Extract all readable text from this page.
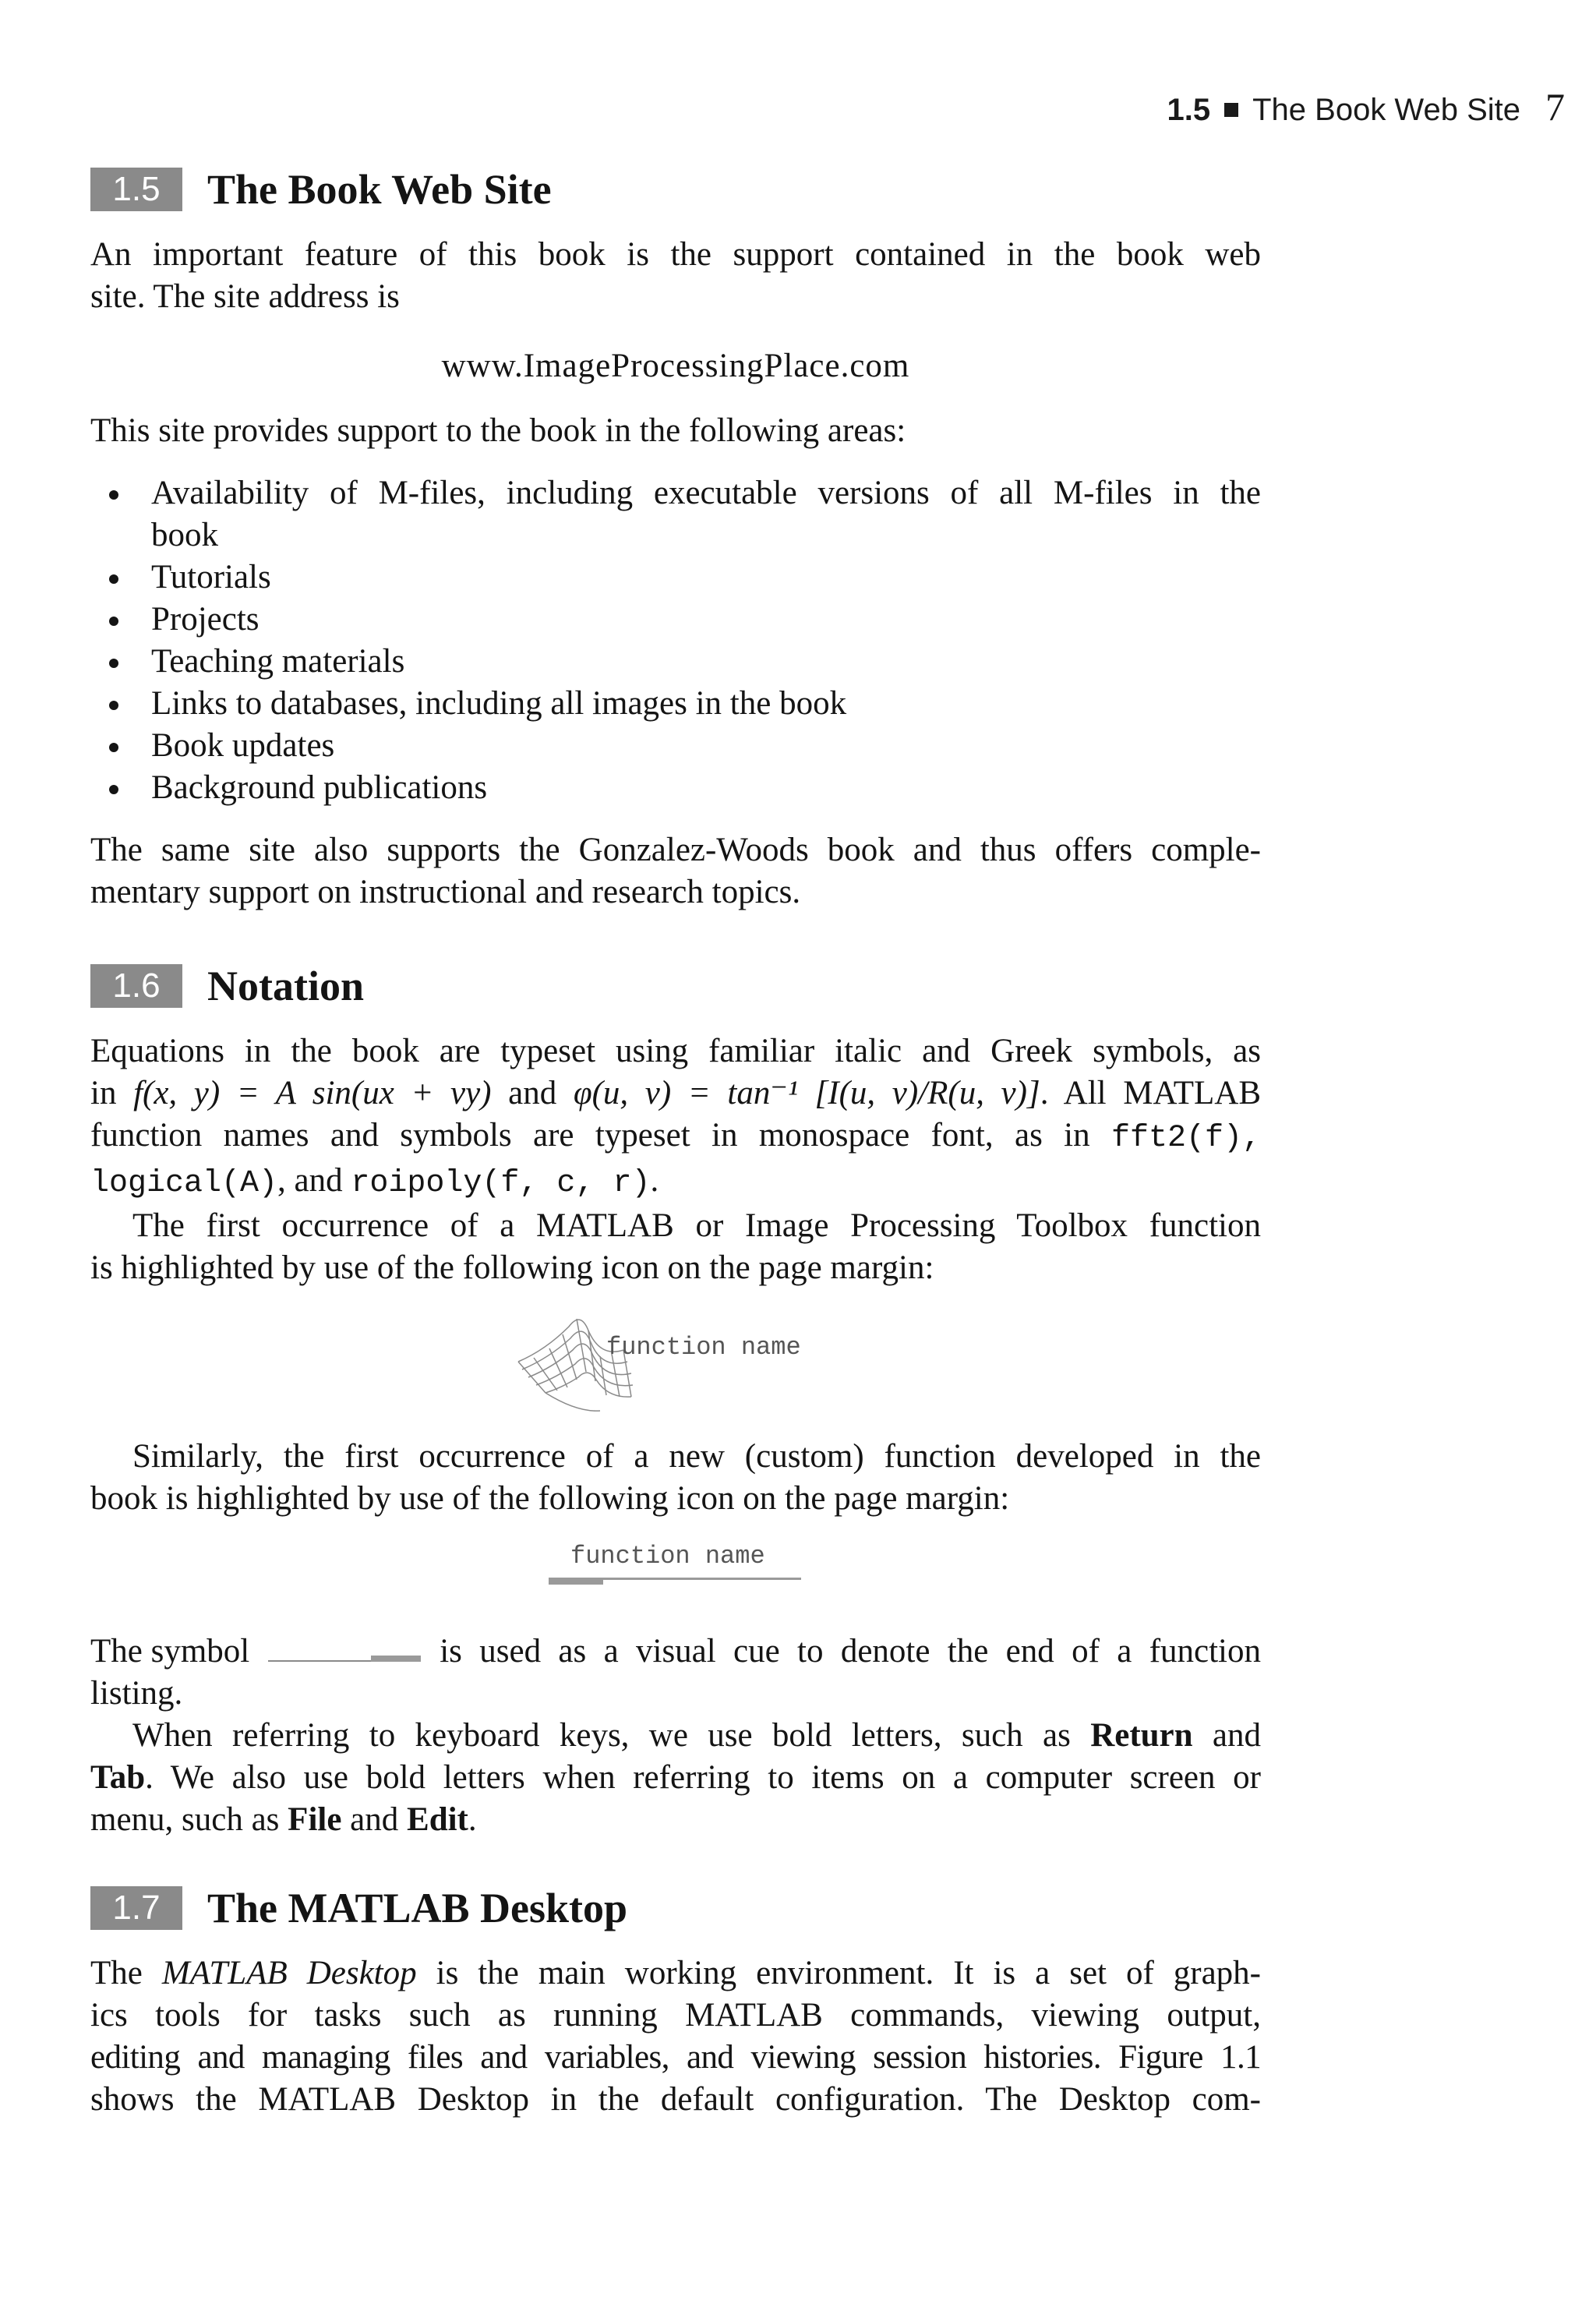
1.5 The Book Web Site 7
1.5	The Book Web Site

An important feature of this book is the support contained in the book web

site. The site address is

www.ImageProcessingPlace.com

This site provides support to the book in the following areas:

Availability of M-files, including executable versions of all M-files in the
book
Tutorials
Projects
Teaching materials
Links to databases, including all images in the book
Book updates
Background publications

The same site also supports the Gonzalez-Woods book and thus offers comple-

mentary support on instructional and research topics.

1.6	Notation

Equations in the book are typeset using familiar italic and Greek symbols, as

in f(x, y) = A sin(ux + vy) and φ(u, v) = tan⁻¹ [I(u, v)/R(u, v)]. All MATLAB

function names and symbols are typeset in monospace font, as in fft2(f),

logical(A), and roipoly(f, c, r).

The first occurrence of a MATLAB or Image Processing Toolbox function

is highlighted by use of the following icon on the page margin:

function name

Similarly, the first occurrence of a new (custom) function developed in the

book is highlighted by use of the following icon on the page margin:

function name

The symbol	is used as a visual cue to denote the end of a function

listing.

When referring to keyboard keys, we use bold letters, such as Return and

Tab. We also use bold letters when referring to items on a computer screen or

menu, such as File and Edit.

1.7	The MATLAB Desktop

The MATLAB Desktop is the main working environment. It is a set of graph-

ics tools for tasks such as running MATLAB commands, viewing output,

editing and managing files and variables, and viewing session histories. Figure 1.1

shows the MATLAB Desktop in the default configuration. The Desktop com-
